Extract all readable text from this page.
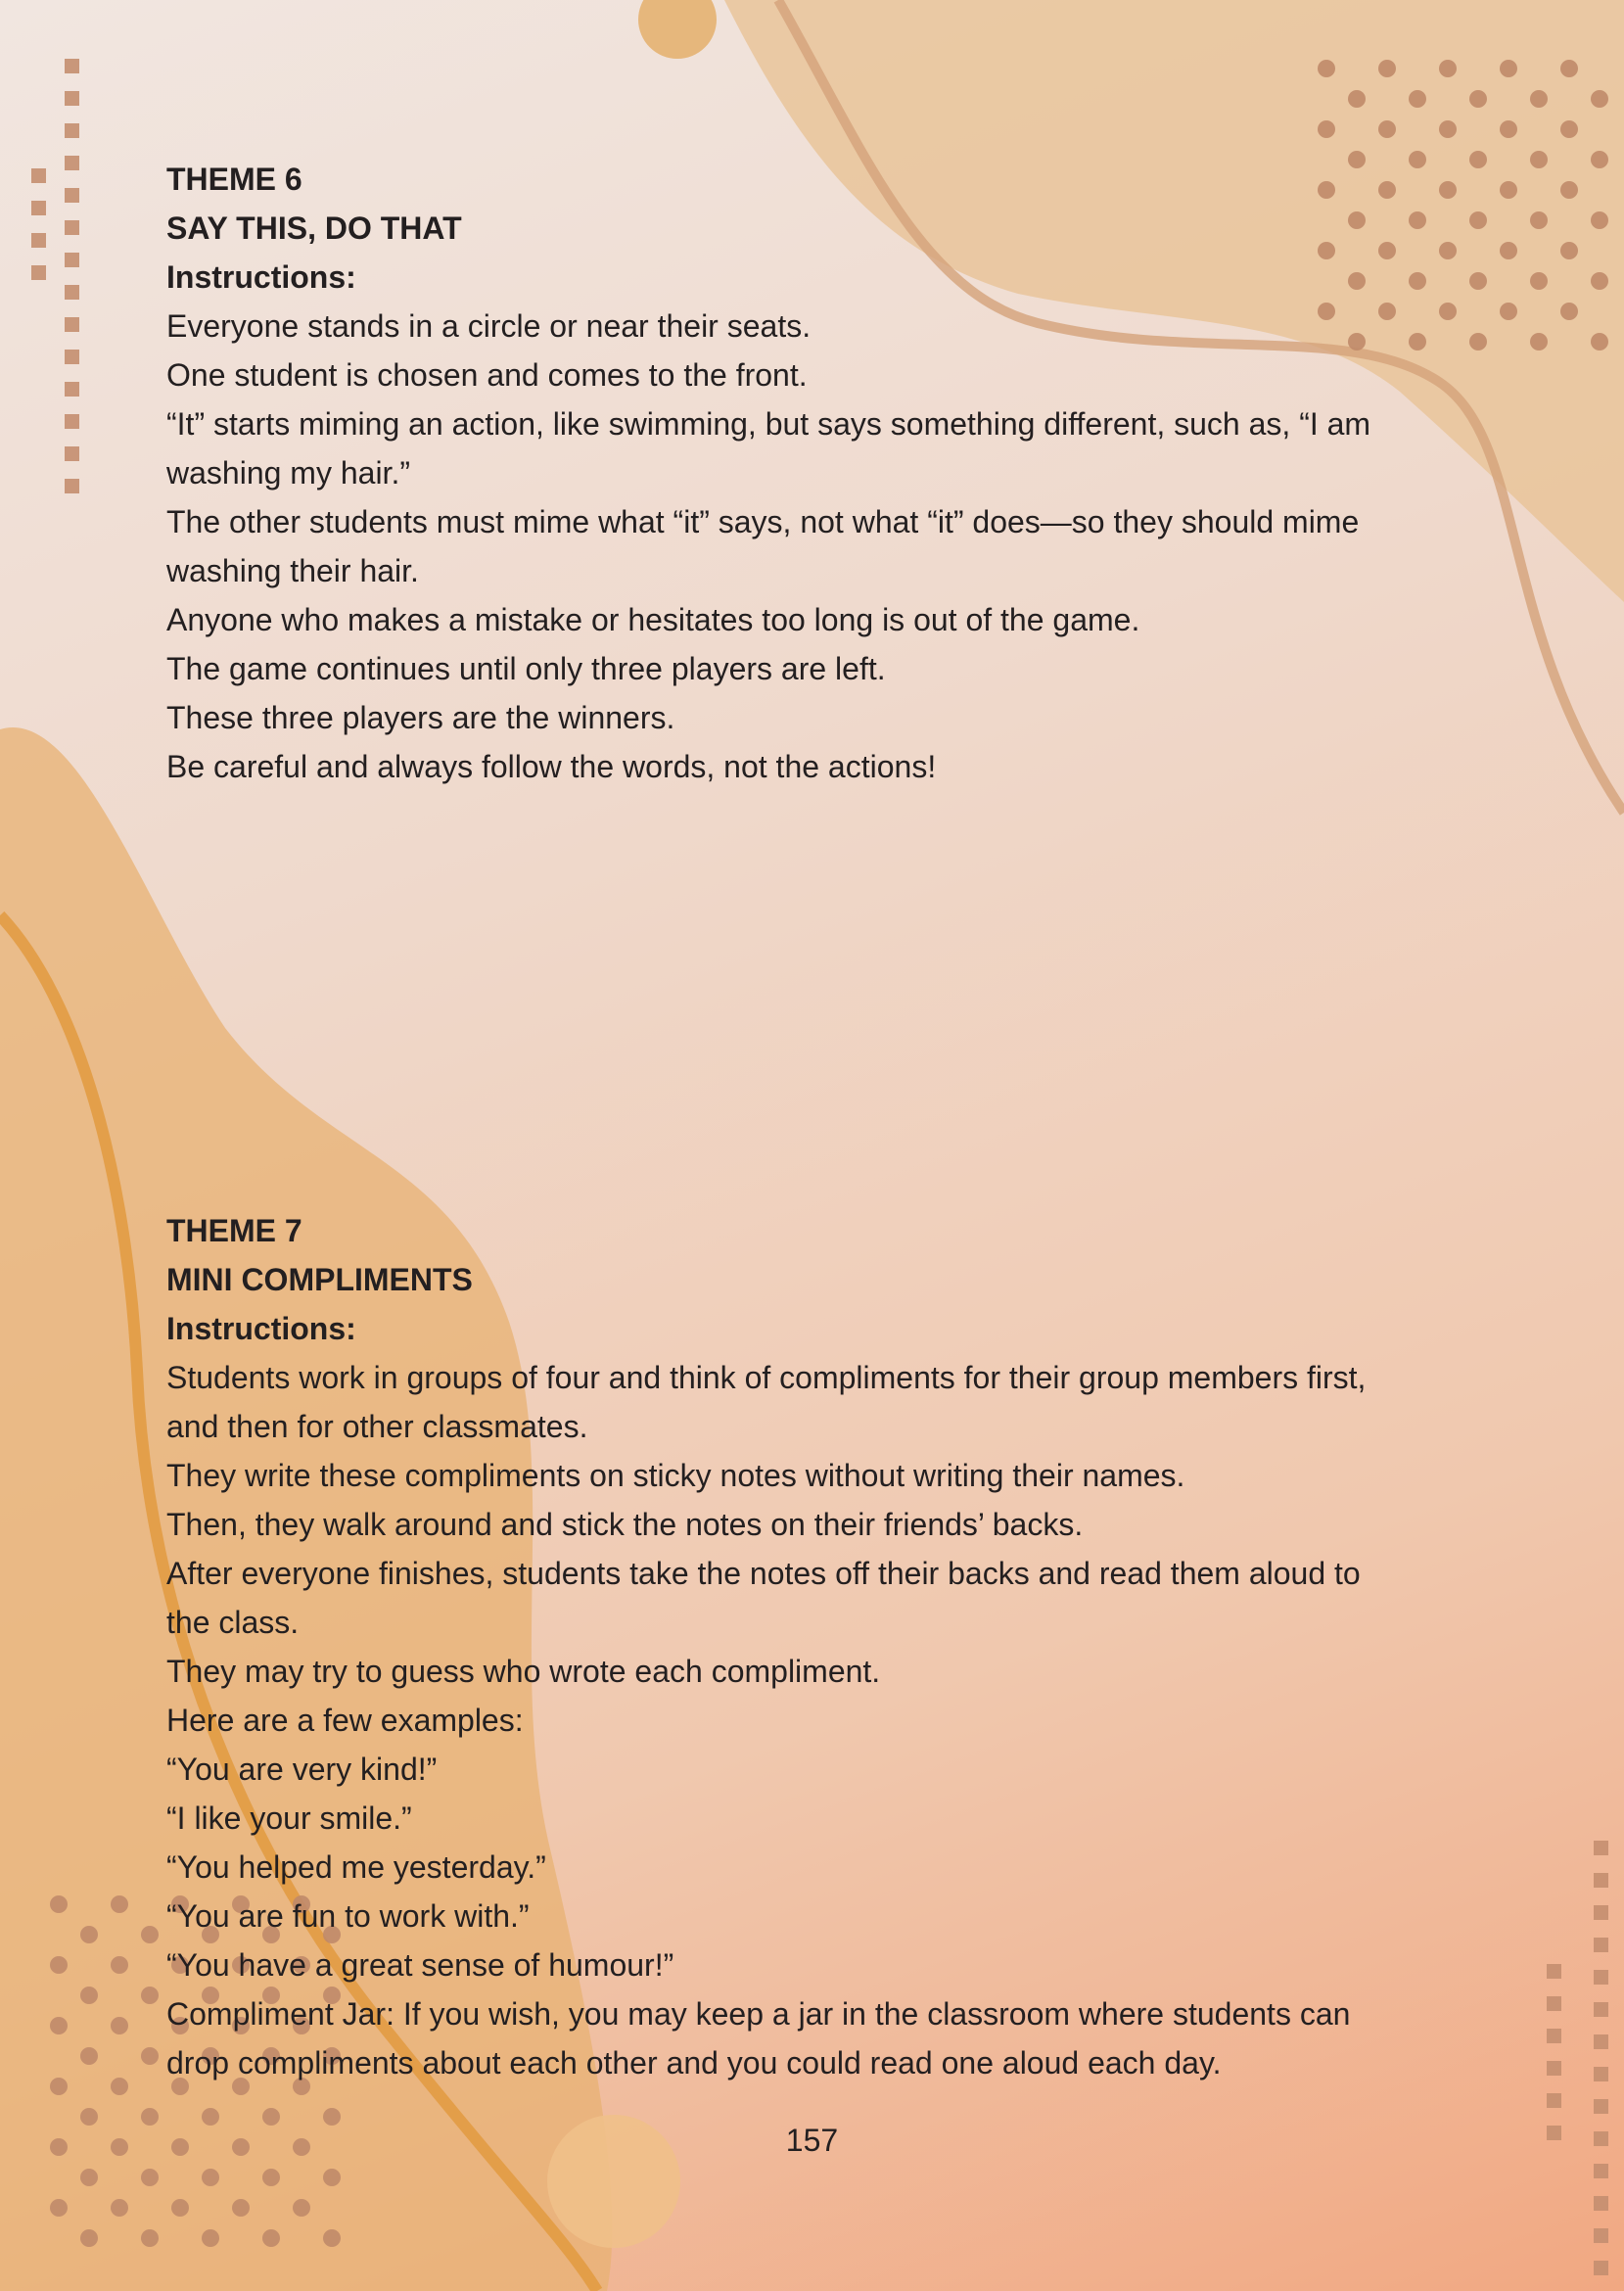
THEME 6
SAY THIS, DO THAT
Instructions:
Everyone stands in a circle or near their seats.
One student is chosen and comes to the front.
“It” starts miming an action, like swimming, but says something different, such as, “I am
washing my hair.”
The other students must mime what “it” says, not what “it” does—so they should mime
washing their hair.
Anyone who makes a mistake or hesitates too long is out of the game.
The game continues until only three players are left.
These three players are the winners.
Be careful and always follow the words, not the actions!
THEME 7
MINI COMPLIMENTS
Instructions:
Students work in groups of four and think of compliments for their group members first,
and then for other classmates.
They write these compliments on sticky notes without writing their names.
Then, they walk around and stick the notes on their friends’ backs.
After everyone finishes, students take the notes off their backs and read them aloud to
the class.
They may try to guess who wrote each compliment.
Here are a few examples:
“You are very kind!”
“I like your smile.”
“You helped me yesterday.”
“You are fun to work with.”
“You have a great sense of humour!”
Compliment Jar: If you wish, you may keep a jar in the classroom where students can
drop compliments about each other and you could read one aloud each day.
157
